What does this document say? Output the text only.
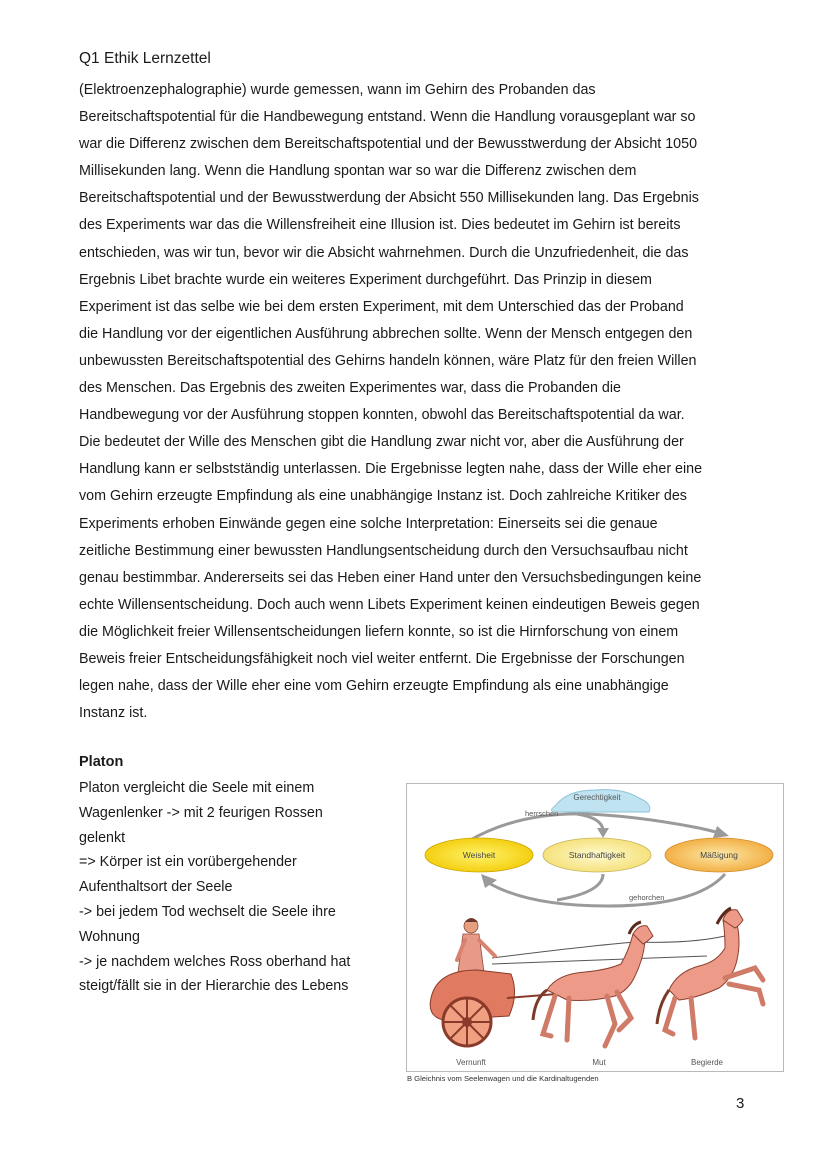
Q1 Ethik Lernzettel
(Elektroenzephalographie) wurde gemessen, wann im Gehirn des Probanden das
Bereitschaftspotential für die Handbewegung entstand. Wenn die Handlung vorausgeplant war so
war die Differenz zwischen dem Bereitschaftspotential und der Bewusstwerdung der Absicht 1050
Millisekunden lang. Wenn die Handlung spontan war so war die Differenz zwischen dem
Bereitschaftspotential und der Bewusstwerdung der Absicht 550 Millisekunden lang. Das Ergebnis
des Experiments war das die Willensfreiheit eine Illusion ist. Dies bedeutet im Gehirn ist bereits
entschieden, was wir tun, bevor wir die Absicht wahrnehmen. Durch die Unzufriedenheit, die das
Ergebnis Libet brachte wurde ein weiteres Experiment durchgeführt. Das Prinzip in diesem
Experiment ist das selbe wie bei dem ersten Experiment, mit dem Unterschied das der Proband
die Handlung vor der eigentlichen Ausführung abbrechen sollte. Wenn der Mensch entgegen den
unbewussten Bereitschaftspotential des Gehirns handeln können, wäre Platz für den freien Willen
des Menschen. Das Ergebnis des zweiten Experimentes war, dass die Probanden die
Handbewegung vor der Ausführung stoppen konnten, obwohl das Bereitschaftspotential da war.
Die bedeutet der Wille des Menschen gibt die Handlung zwar nicht vor, aber die Ausführung der
Handlung kann er selbstständig unterlassen. Die Ergebnisse legten nahe, dass der Wille eher eine
vom Gehirn erzeugte Empfindung als eine unabhängige Instanz ist. Doch zahlreiche Kritiker des
Experiments erhoben Einwände gegen eine solche Interpretation: Einerseits sei die genaue
zeitliche Bestimmung einer bewussten Handlungsentscheidung durch den Versuchsaufbau nicht
genau bestimmbar. Andererseits sei das Heben einer Hand unter den Versuchsbedingungen keine
echte Willensentscheidung. Doch auch wenn Libets Experiment keinen eindeutigen Beweis gegen
die Möglichkeit freier Willensentscheidungen liefern konnte, so ist die Hirnforschung von einem
Beweis freier Entscheidungsfähigkeit noch viel weiter entfernt. Die Ergebnisse der Forschungen
legen nahe, dass der Wille eher eine vom Gehirn erzeugte Empfindung als eine unabhängige
Instanz ist.
Platon
Platon vergleicht die Seele mit einem
Wagenlenker -> mit 2 feurigen Rossen
gelenkt
=> Körper ist ein vorübergehender
Aufenthaltsort der Seele
-> bei jedem Tod wechselt die Seele ihre
Wohnung
-> je nachdem welches Ross oberhand hat
steigt/fällt sie in der Hierarchie des Lebens
Gerechtigkeit
herrschen
Weisheit	Standhaftigkeit	Mäßigung
gehorchen
Vernunft	Mut	Begierde
B Gleichnis vom Seelenwagen und die Kardinaltugenden
3
